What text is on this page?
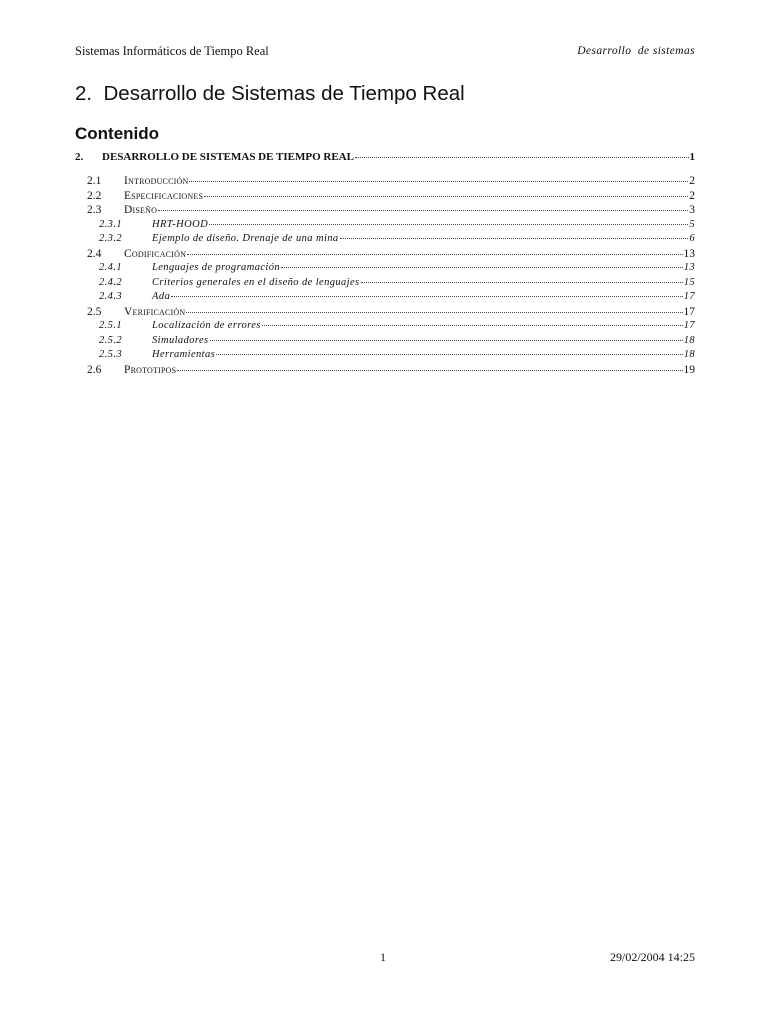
Sistemas Informáticos de Tiempo Real	Desarrollo  de sistemas
2.  Desarrollo de Sistemas de Tiempo Real
Contenido
2.	DESARROLLO DE SISTEMAS DE TIEMPO REAL	1
2.1	Introducción	2
2.2	Especificaciones	2
2.3	Diseño	3
2.3.1	HRT-HOOD	5
2.3.2	Ejemplo de diseño. Drenaje de una mina	6
2.4	Codificación	13
2.4.1	Lenguajes de programación	13
2.4.2	Criterios generales en el diseño de lenguajes	15
2.4.3	Ada	17
2.5	Verificación	17
2.5.1	Localización de errores	17
2.5.2	Simuladores	18
2.5.3	Herramientas	18
2.6	Prototipos	19
1	29/02/2004 14:25
